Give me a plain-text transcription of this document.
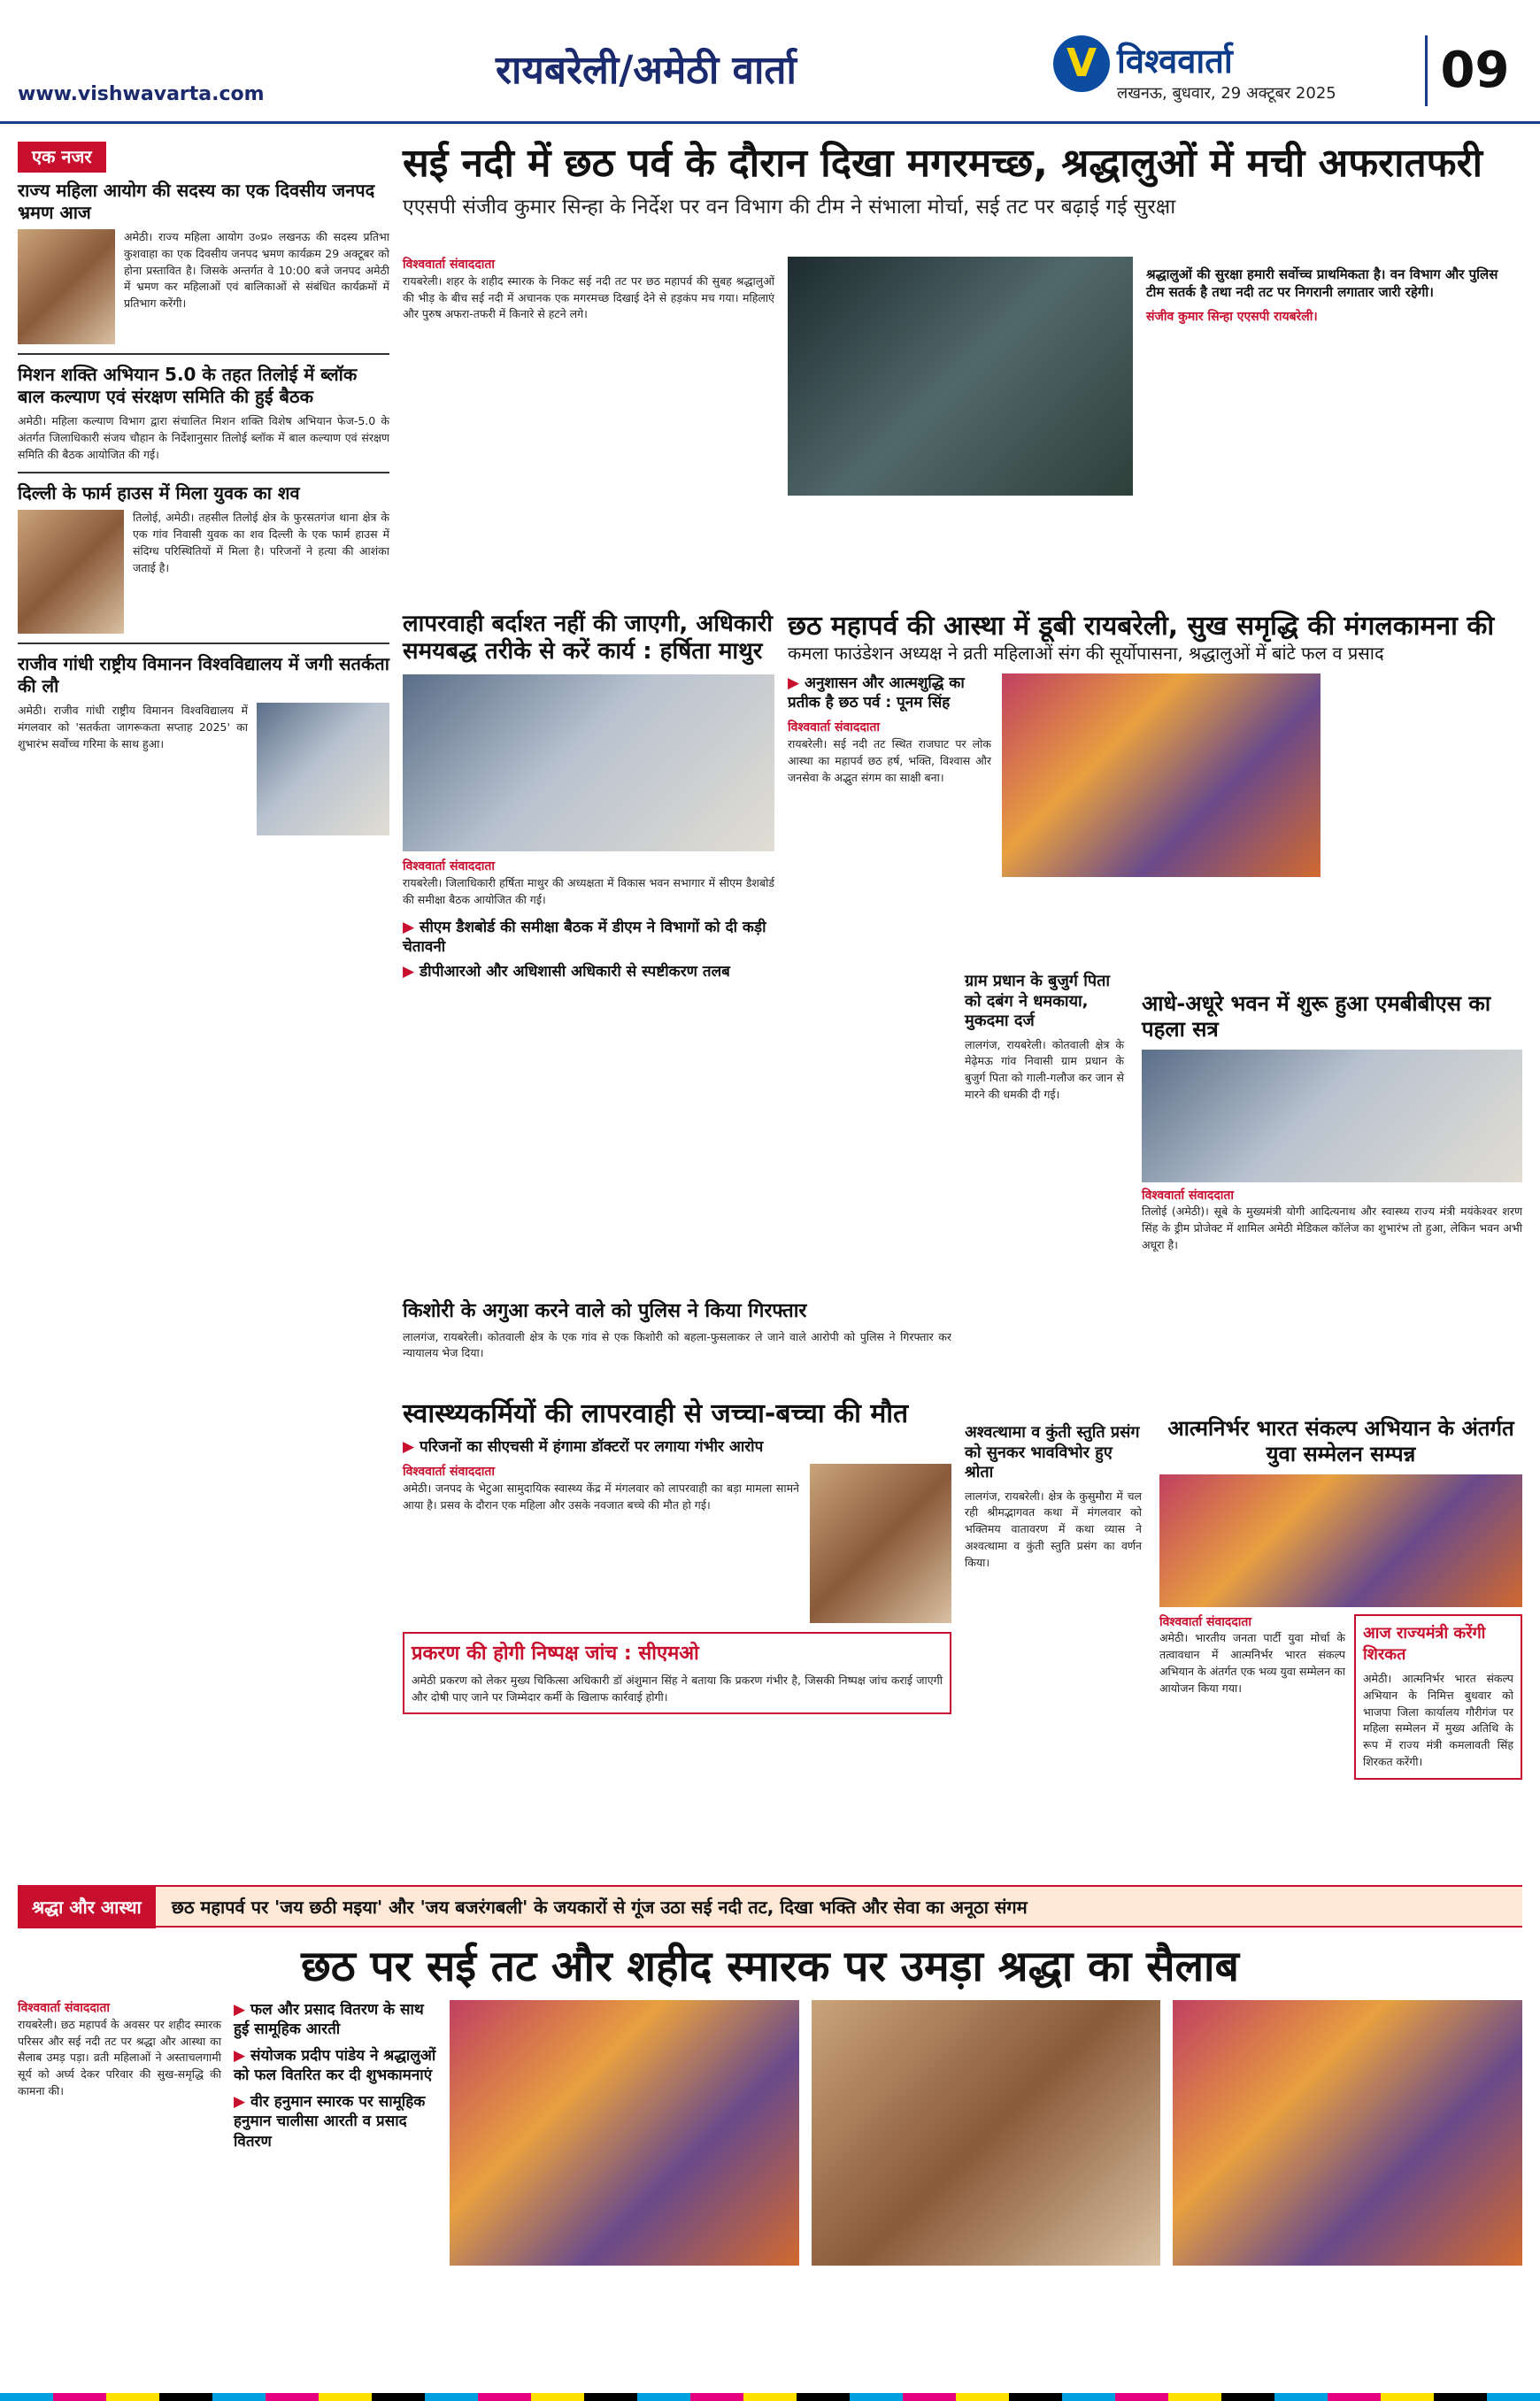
रायबरेली/अमेठी वार्ता
www.vishwavarta.com
V विश्ववार्ता
लखनऊ, बुधवार, 29 अक्टूबर 2025	09
एक नजर
राज्य महिला आयोग की सदस्य का एक दिवसीय जनपद भ्रमण आज
अमेठी। राज्य महिला आयोग उ०प्र० लखनऊ की सदस्य प्रतिभा कुशवाहा का एक दिवसीय जनपद भ्रमण कार्यक्रम 29 अक्टूबर को होना प्रस्तावित है। जिसके अन्तर्गत वे 10:00 बजे जनपद अमेठी में भ्रमण कर महिलाओं एवं बालिकाओं से संबंधित कार्यक्रमों में प्रतिभाग करेंगी।
मिशन शक्ति अभियान 5.0 के तहत तिलोई में ब्लॉक बाल कल्याण एवं संरक्षण समिति की हुई बैठक
अमेठी। महिला कल्याण विभाग द्वारा संचालित मिशन शक्ति विशेष अभियान फेज-5.0 के अंतर्गत जिलाधिकारी संजय चौहान के निर्देशानुसार तिलोई ब्लॉक में बाल कल्याण एवं संरक्षण समिति की बैठक आयोजित की गई।
दिल्ली के फार्म हाउस में मिला युवक का शव
तिलोई, अमेठी। तहसील तिलोई क्षेत्र के फुरसतगंज थाना क्षेत्र के एक गांव निवासी युवक का शव दिल्ली के एक फार्म हाउस में संदिग्ध परिस्थितियों में मिला है। परिजनों ने हत्या की आशंका जताई है।
राजीव गांधी राष्ट्रीय विमानन विश्वविद्यालय में जगी सतर्कता की लौ
अमेठी। राजीव गांधी राष्ट्रीय विमानन विश्वविद्यालय में मंगलवार को 'सतर्कता जागरूकता सप्ताह 2025' का शुभारंभ सर्वोच्च गरिमा के साथ हुआ।
सई नदी में छठ पर्व के दौरान दिखा मगरमच्छ, श्रद्धालुओं में मची अफरातफरी
एएसपी संजीव कुमार सिन्हा के निर्देश पर वन विभाग की टीम ने संभाला मोर्चा, सई तट पर बढ़ाई गई सुरक्षा
विश्ववार्ता संवाददाता
रायबरेली। शहर के शहीद स्मारक के निकट सई नदी तट पर छठ महापर्व की सुबह श्रद्धालुओं की भीड़ के बीच सई नदी में अचानक एक मगरमच्छ दिखाई देने से हड़कंप मच गया। महिलाएं और पुरुष अफरा-तफरी में किनारे से हटने लगे।
श्रद्धालुओं की सुरक्षा हमारी सर्वोच्च प्राथमिकता है। वन विभाग और पुलिस टीम सतर्क है तथा नदी तट पर निगरानी लगातार जारी रहेगी।
संजीव कुमार सिन्हा एएसपी रायबरेली।
लापरवाही बर्दाश्त नहीं की जाएगी, अधिकारी समयबद्ध तरीके से करें कार्य : हर्षिता माथुर
विश्ववार्ता संवाददाता
रायबरेली। जिलाधिकारी हर्षिता माथुर की अध्यक्षता में विकास भवन सभागार में सीएम डैशबोर्ड की समीक्षा बैठक आयोजित की गई।
▶ सीएम डैशबोर्ड की समीक्षा बैठक में डीएम ने विभागों को दी कड़ी चेतावनी
▶ डीपीआरओ और अधिशासी अधिकारी से स्पष्टीकरण तलब
छठ महापर्व की आस्था में डूबी रायबरेली, सुख समृद्धि की मंगलकामना की
कमला फाउंडेशन अध्यक्ष ने व्रती महिलाओं संग की सूर्योपासना, श्रद्धालुओं में बांटे फल व प्रसाद
▶ अनुशासन और आत्मशुद्धि का प्रतीक है छठ पर्व : पूनम सिंह
विश्ववार्ता संवाददाता
रायबरेली। सई नदी तट स्थित राजघाट पर लोक आस्था का महापर्व छठ हर्ष, भक्ति, विश्वास और जनसेवा के अद्भुत संगम का साक्षी बना।
किशोरी के अगुआ करने वाले को पुलिस ने किया गिरफ्तार
लालगंज, रायबरेली। कोतवाली क्षेत्र के एक गांव से एक किशोरी को बहला-फुसलाकर ले जाने वाले आरोपी को पुलिस ने गिरफ्तार कर न्यायालय भेज दिया।
ग्राम प्रधान के बुजुर्ग पिता को दबंग ने धमकाया, मुकदमा दर्ज
लालगंज, रायबरेली। कोतवाली क्षेत्र के मेढ़ेमऊ गांव निवासी ग्राम प्रधान के बुजुर्ग पिता को गाली-गलौज कर जान से मारने की धमकी दी गई।
आधे-अधूरे भवन में शुरू हुआ एमबीबीएस का पहला सत्र
विश्ववार्ता संवाददाता
तिलोई (अमेठी)। सूबे के मुख्यमंत्री योगी आदित्यनाथ और स्वास्थ्य राज्य मंत्री मयंकेश्वर शरण सिंह के ड्रीम प्रोजेक्ट में शामिल अमेठी मेडिकल कॉलेज का शुभारंभ तो हुआ, लेकिन भवन अभी अधूरा है।
स्वास्थ्यकर्मियों की लापरवाही से जच्चा-बच्चा की मौत
▶ परिजनों का सीएचसी में हंगामा डॉक्टरों पर लगाया गंभीर आरोप
विश्ववार्ता संवाददाता
अमेठी। जनपद के भेटुआ सामुदायिक स्वास्थ्य केंद्र में मंगलवार को लापरवाही का बड़ा मामला सामने आया है। प्रसव के दौरान एक महिला और उसके नवजात बच्चे की मौत हो गई।
प्रकरण की होगी निष्पक्ष जांच : सीएमओ
अमेठी प्रकरण को लेकर मुख्य चिकित्सा अधिकारी डॉ अंशुमान सिंह ने बताया कि प्रकरण गंभीर है, जिसकी निष्पक्ष जांच कराई जाएगी और दोषी पाए जाने पर जिम्मेदार कर्मी के खिलाफ कार्रवाई होगी।
अश्वत्थामा व कुंती स्तुति प्रसंग को सुनकर भावविभोर हुए श्रोता
लालगंज, रायबरेली। क्षेत्र के कुसुमौरा में चल रही श्रीमद्भागवत कथा में मंगलवार को भक्तिमय वातावरण में कथा व्यास ने अश्वत्थामा व कुंती स्तुति प्रसंग का वर्णन किया।
आत्मनिर्भर भारत संकल्प अभियान के अंतर्गत युवा सम्मेलन सम्पन्न
विश्ववार्ता संवाददाता
अमेठी। भारतीय जनता पार्टी युवा मोर्चा के तत्वावधान में आत्मनिर्भर भारत संकल्प अभियान के अंतर्गत एक भव्य युवा सम्मेलन का आयोजन किया गया।
आज राज्यमंत्री करेंगी शिरकत
अमेठी। आत्मनिर्भर भारत संकल्प अभियान के निमित्त बुधवार को भाजपा जिला कार्यालय गौरीगंज पर महिला सम्मेलन में मुख्य अतिथि के रूप में राज्य मंत्री कमलावती सिंह शिरकत करेंगी।
श्रद्धा और आस्था छठ महापर्व पर 'जय छठी मइया' और 'जय बजरंगबली' के जयकारों से गूंज उठा सई नदी तट, दिखा भक्ति और सेवा का अनूठा संगम
छठ पर सई तट और शहीद स्मारक पर उमड़ा श्रद्धा का सैलाब
विश्ववार्ता संवाददाता
रायबरेली। छठ महापर्व के अवसर पर शहीद स्मारक परिसर और सई नदी तट पर श्रद्धा और आस्था का सैलाब उमड़ पड़ा। व्रती महिलाओं ने अस्ताचलगामी सूर्य को अर्घ्य देकर परिवार की सुख-समृद्धि की कामना की।
▶ फल और प्रसाद वितरण के साथ हुई सामूहिक आरती
▶ संयोजक प्रदीप पांडेय ने श्रद्धालुओं को फल वितरित कर दी शुभकामनाएं
▶ वीर हनुमान स्मारक पर सामूहिक हनुमान चालीसा आरती व प्रसाद वितरण
